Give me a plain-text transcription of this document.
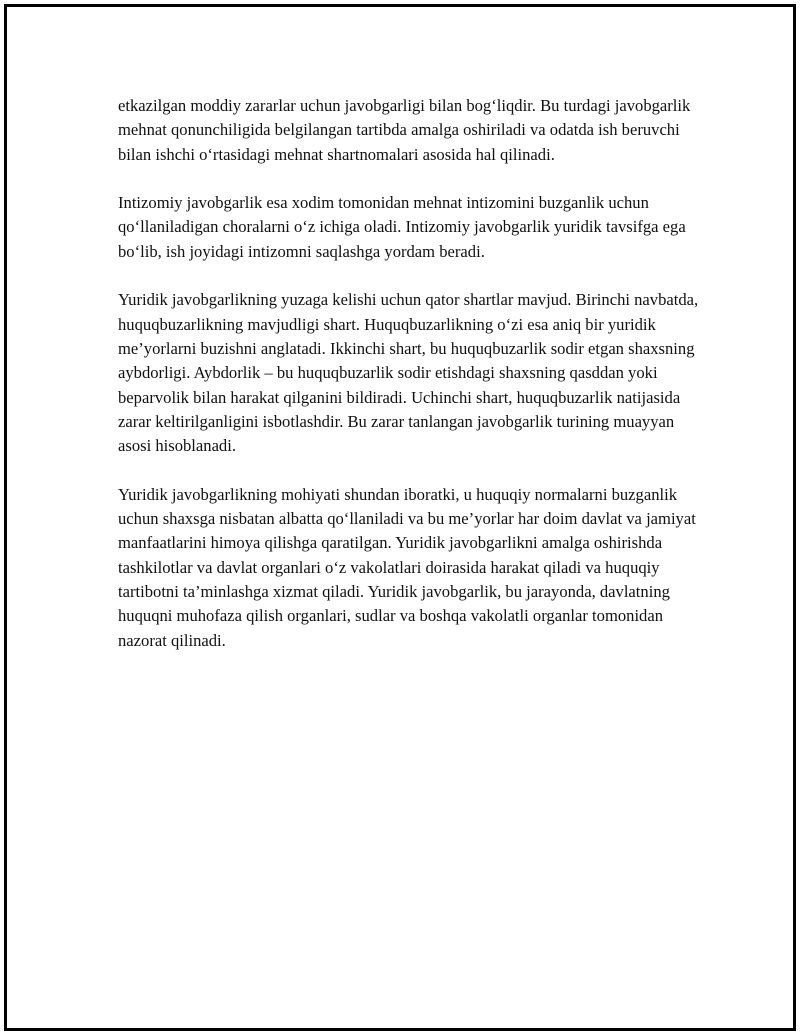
etkazilgan moddiy zararlar uchun javobgarligi bilan bog‘liqdir. Bu turdagi javobgarlik mehnat qonunchiligida belgilangan tartibda amalga oshiriladi va odatda ish beruvchi bilan ishchi o‘rtasidagi mehnat shartnomalari asosida hal qilinadi.

Intizomiy javobgarlik esa xodim tomonidan mehnat intizomini buzganlik uchun qo‘llaniladigan choralarni o‘z ichiga oladi. Intizomiy javobgarlik yuridik tavsifga ega bo‘lib, ish joyidagi intizomni saqlashga yordam beradi.

Yuridik javobgarlikning yuzaga kelishi uchun qator shartlar mavjud. Birinchi navbatda, huquqbuzarlikning mavjudligi shart. Huquqbuzarlikning o‘zi esa aniq bir yuridik me’yorlarni buzishni anglatadi. Ikkinchi shart, bu huquqbuzarlik sodir etgan shaxsning aybdorligi. Aybdorlik – bu huquqbuzarlik sodir etishdagi shaxsning qasddan yoki beparvolik bilan harakat qilganini bildiradi. Uchinchi shart, huquqbuzarlik natijasida zarar keltirilganligini isbotlashdir. Bu zarar tanlangan javobgarlik turining muayyan asosi hisoblanadi.

Yuridik javobgarlikning mohiyati shundan iboratki, u huquqiy normalarni buzganlik uchun shaxsga nisbatan albatta qo‘llaniladi va bu me’yorlar har doim davlat va jamiyat manfaatlarini himoya qilishga qaratilgan. Yuridik javobgarlikni amalga oshirishda tashkilotlar va davlat organlari o‘z vakolatlari doirasida harakat qiladi va huquqiy tartibotni ta’minlashga xizmat qiladi. Yuridik javobgarlik, bu jarayonda, davlatning huquqni muhofaza qilish organlari, sudlar va boshqa vakolatli organlar tomonidan nazorat qilinadi.
